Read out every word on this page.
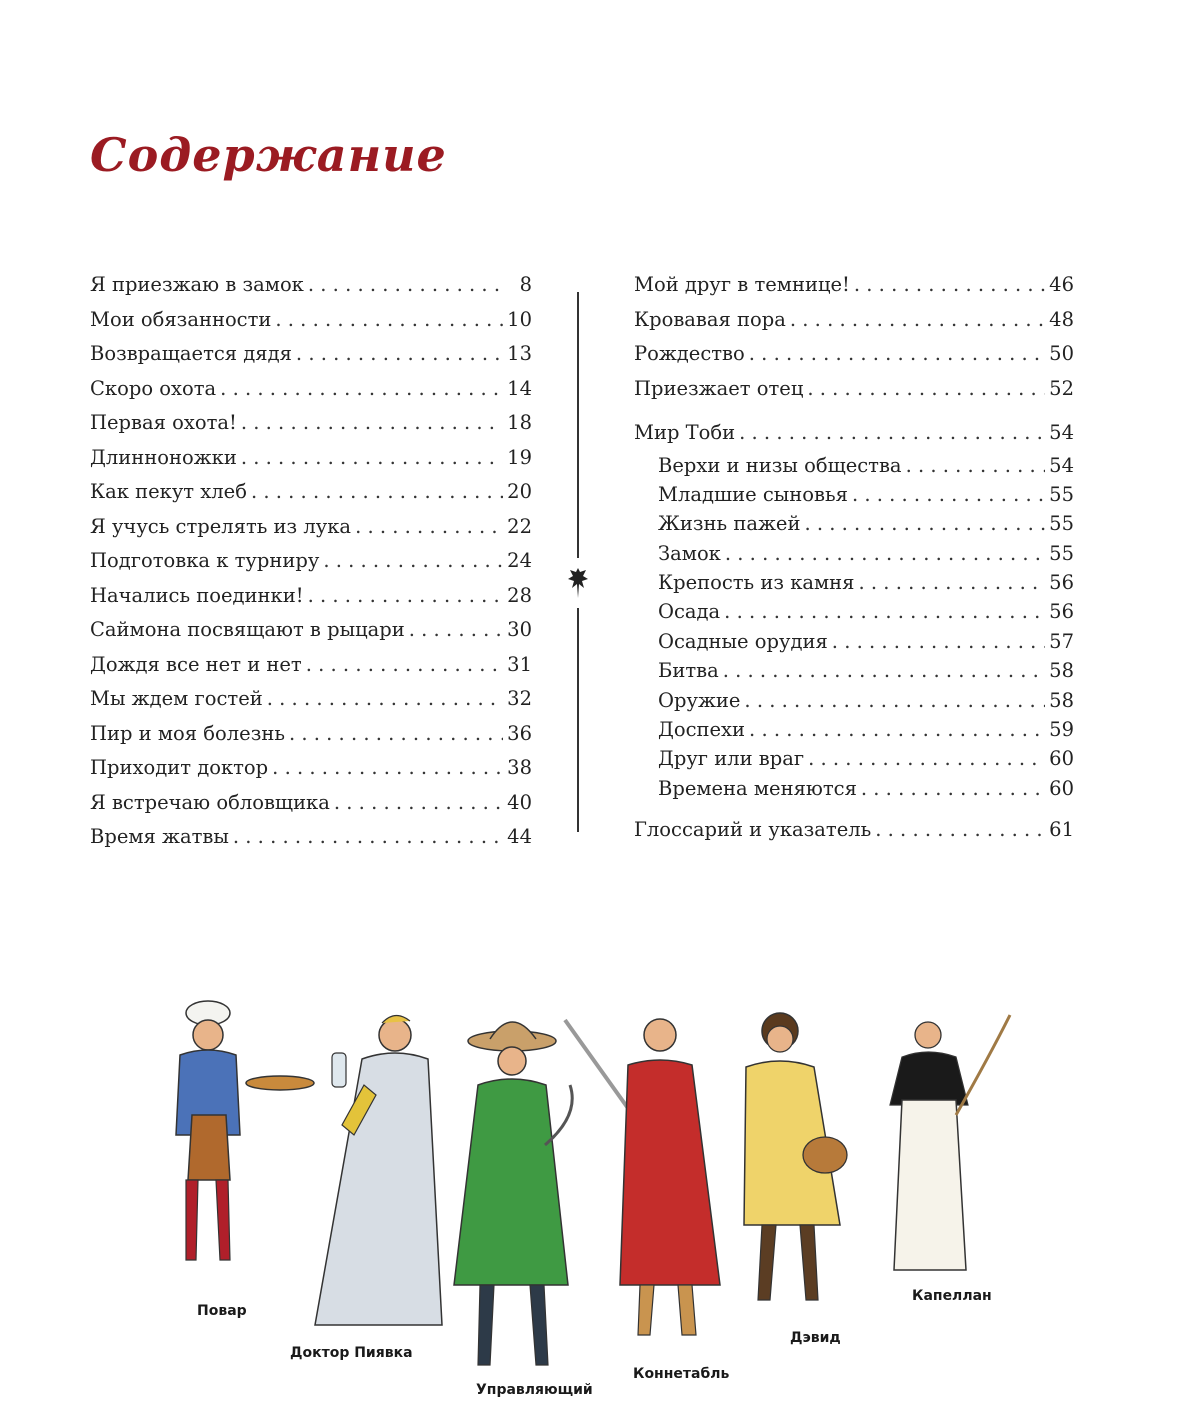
Содержание
Я приезжаю в замок . . .	8
Мои обязанности . . .	10
Возвращается дядя . . .	13
Скоро охота . . .	14
Первая охота! . . .	18
Длинноножки . . .	19
Как пекут хлеб . . .	20
Я учусь стрелять из лука . . .	22
Подготовка к турниру . . .	24
Начались поединки! . . .	28
Саймона посвящают в рыцари . . .	30
Дождя все нет и нет . . .	31
Мы ждем гостей . . .	32
Пир и моя болезнь . . .	36
Приходит доктор . . .	38
Я встречаю обловщика . . .	40
Время жатвы . . .	44
Мой друг в темнице! . . .	46
Кровавая пора . . .	48
Рождество . . .	50
Приезжает отец . . .	52
Мир Тоби . . .	54
Верхи и низы общества . . .	54
Младшие сыновья . . .	55
Жизнь пажей . . .	55
Замок . . .	55
Крепость из камня . . .	56
Осада . . .	56
Осадные орудия . . .	57
Битва . . .	58
Оружие . . .	58
Доспехи . . .	59
Друг или враг . . .	60
Времена меняются . . .	60
Глоссарий и указатель . . .	61
Повар
Доктор Пиявка
Управляющий
Коннетабль
Дэвид
Капеллан
